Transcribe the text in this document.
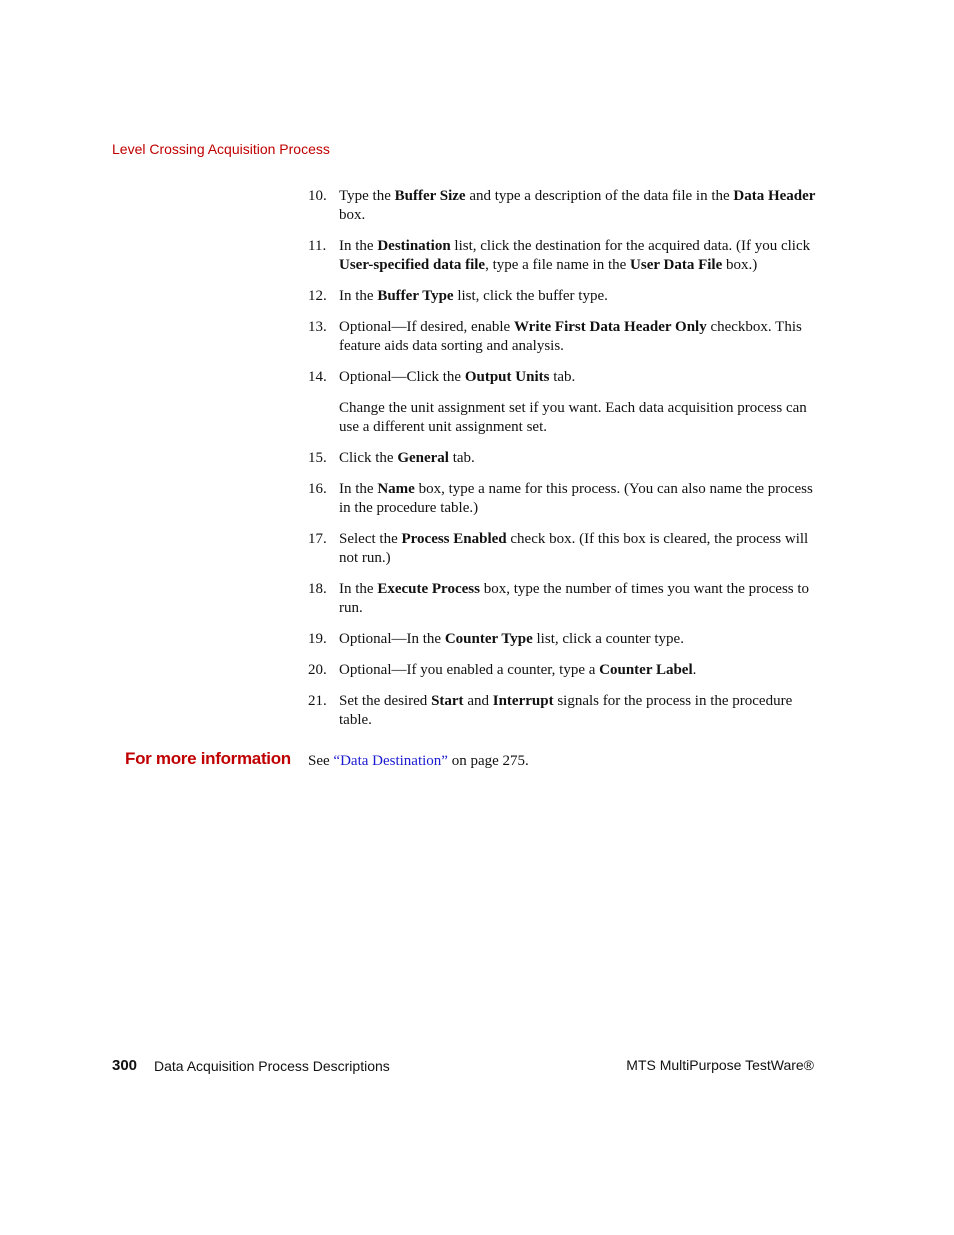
Level Crossing Acquisition Process
10. Type the Buffer Size and type a description of the data file in the Data Header box.
11. In the Destination list, click the destination for the acquired data. (If you click User-specified data file, type a file name in the User Data File box.)
12. In the Buffer Type list, click the buffer type.
13. Optional—If desired, enable Write First Data Header Only checkbox. This feature aids data sorting and analysis.
14. Optional—Click the Output Units tab.
Change the unit assignment set if you want. Each data acquisition process can use a different unit assignment set.
15. Click the General tab.
16. In the Name box, type a name for this process. (You can also name the process in the procedure table.)
17. Select the Process Enabled check box. (If this box is cleared, the process will not run.)
18. In the Execute Process box, type the number of times you want the process to run.
19. Optional—In the Counter Type list, click a counter type.
20. Optional—If you enabled a counter, type a Counter Label.
21. Set the desired Start and Interrupt signals for the process in the procedure table.
For more information See “Data Destination” on page 275.
300 Data Acquisition Process Descriptions	MTS MultiPurpose TestWare®
